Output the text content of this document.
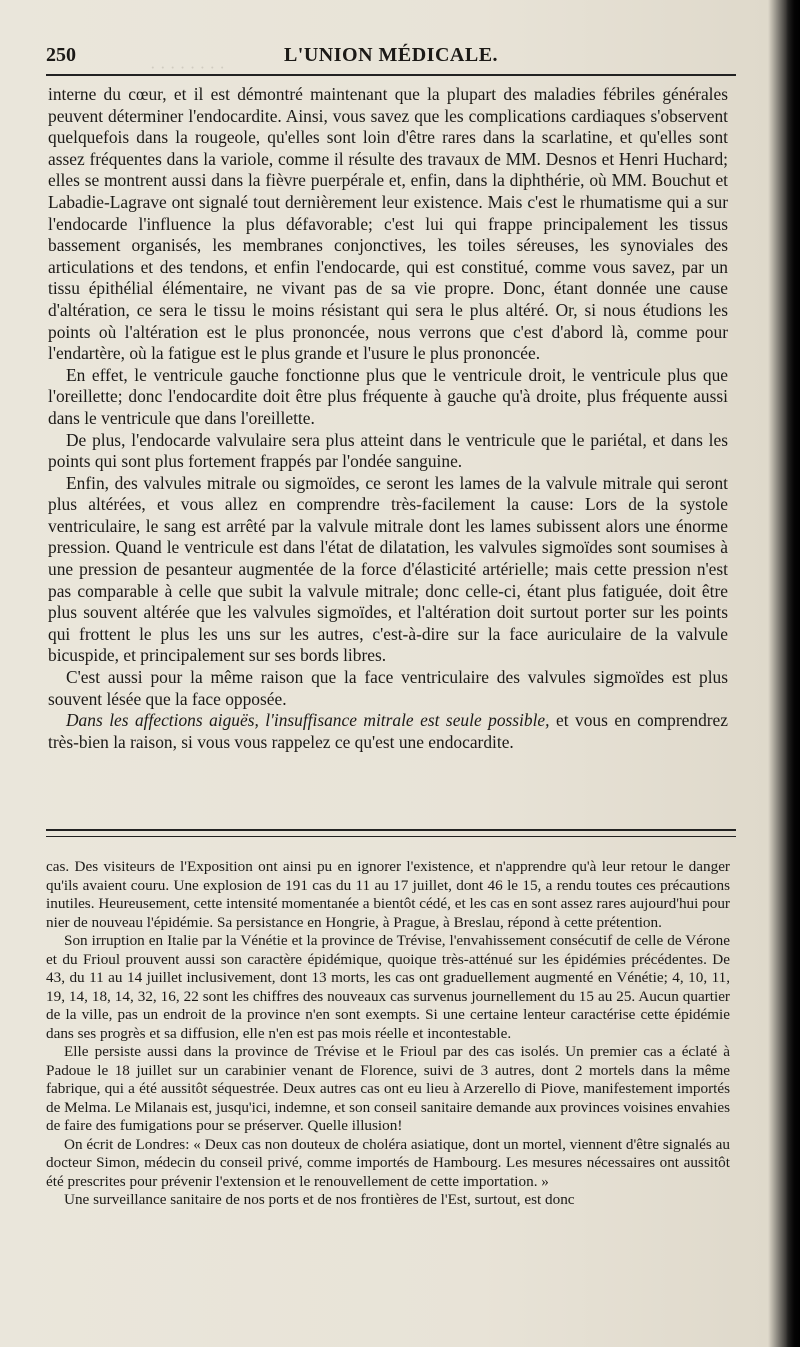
· · · · · · · ·
250	L'UNION MÉDICALE.

interne du cœur, et il est démontré maintenant que la plupart des maladies fébriles générales peuvent déterminer l'endocardite. Ainsi, vous savez que les complications cardiaques s'observent quelquefois dans la rougeole, qu'elles sont loin d'être rares dans la scarlatine, et qu'elles sont assez fréquentes dans la variole, comme il résulte des travaux de MM. Desnos et Henri Huchard; elles se montrent aussi dans la fièvre puerpérale et, enfin, dans la diphthérie, où MM. Bouchut et Labadie-Lagrave ont signalé tout dernièrement leur existence. Mais c'est le rhumatisme qui a sur l'endocarde l'influence la plus défavorable; c'est lui qui frappe principalement les tissus bassement organisés, les membranes conjonctives, les toiles séreuses, les synoviales des articulations et des tendons, et enfin l'endocarde, qui est constitué, comme vous savez, par un tissu épithélial élémentaire, ne vivant pas de sa vie propre. Donc, étant donnée une cause d'altération, ce sera le tissu le moins résistant qui sera le plus altéré. Or, si nous étudions les points où l'altération est le plus prononcée, nous verrons que c'est d'abord là, comme pour l'endartère, où la fatigue est le plus grande et l'usure le plus prononcée.

En effet, le ventricule gauche fonctionne plus que le ventricule droit, le ventricule plus que l'oreillette; donc l'endocardite doit être plus fréquente à gauche qu'à droite, plus fréquente aussi dans le ventricule que dans l'oreillette.

De plus, l'endocarde valvulaire sera plus atteint dans le ventricule que le pariétal, et dans les points qui sont plus fortement frappés par l'ondée sanguine.

Enfin, des valvules mitrale ou sigmoïdes, ce seront les lames de la valvule mitrale qui seront plus altérées, et vous allez en comprendre très-facilement la cause: Lors de la systole ventriculaire, le sang est arrêté par la valvule mitrale dont les lames subissent alors une énorme pression. Quand le ventricule est dans l'état de dilatation, les valvules sigmoïdes sont soumises à une pression de pesanteur augmentée de la force d'élasticité artérielle; mais cette pression n'est pas comparable à celle que subit la valvule mitrale; donc celle-ci, étant plus fatiguée, doit être plus souvent altérée que les valvules sigmoïdes, et l'altération doit surtout porter sur les points qui frottent le plus les uns sur les autres, c'est-à-dire sur la face auriculaire de la valvule bicuspide, et principalement sur ses bords libres.

C'est aussi pour la même raison que la face ventriculaire des valvules sigmoïdes est plus souvent lésée que la face opposée.

Dans les affections aiguës, l'insuffisance mitrale est seule possible, et vous en comprendrez très-bien la raison, si vous vous rappelez ce qu'est une endocardite.

cas. Des visiteurs de l'Exposition ont ainsi pu en ignorer l'existence, et n'apprendre qu'à leur retour le danger qu'ils avaient couru. Une explosion de 191 cas du 11 au 17 juillet, dont 46 le 15, a rendu toutes ces précautions inutiles. Heureusement, cette intensité momentanée a bientôt cédé, et les cas en sont assez rares aujourd'hui pour nier de nouveau l'épidémie. Sa persistance en Hongrie, à Prague, à Breslau, répond à cette prétention.

Son irruption en Italie par la Vénétie et la province de Trévise, l'envahissement consécutif de celle de Vérone et du Frioul prouvent aussi son caractère épidémique, quoique très-atténué sur les épidémies précédentes. De 43, du 11 au 14 juillet inclusivement, dont 13 morts, les cas ont graduellement augmenté en Vénétie; 4, 10, 11, 19, 14, 18, 14, 32, 16, 22 sont les chiffres des nouveaux cas survenus journellement du 15 au 25. Aucun quartier de la ville, pas un endroit de la province n'en sont exempts. Si une certaine lenteur caractérise cette épidémie dans ses progrès et sa diffusion, elle n'en est pas mois réelle et incontestable.

Elle persiste aussi dans la province de Trévise et le Frioul par des cas isolés. Un premier cas a éclaté à Padoue le 18 juillet sur un carabinier venant de Florence, suivi de 3 autres, dont 2 mortels dans la même fabrique, qui a été aussitôt séquestrée. Deux autres cas ont eu lieu à Arzerello di Piove, manifestement importés de Melma. Le Milanais est, jusqu'ici, indemne, et son conseil sanitaire demande aux provinces voisines envahies de faire des fumigations pour se préserver. Quelle illusion!

On écrit de Londres: « Deux cas non douteux de choléra asiatique, dont un mortel, viennent d'être signalés au docteur Simon, médecin du conseil privé, comme importés de Hambourg. Les mesures nécessaires ont aussitôt été prescrites pour prévenir l'extension et le renouvellement de cette importation. »

Une surveillance sanitaire de nos ports et de nos frontières de l'Est, surtout, est donc
